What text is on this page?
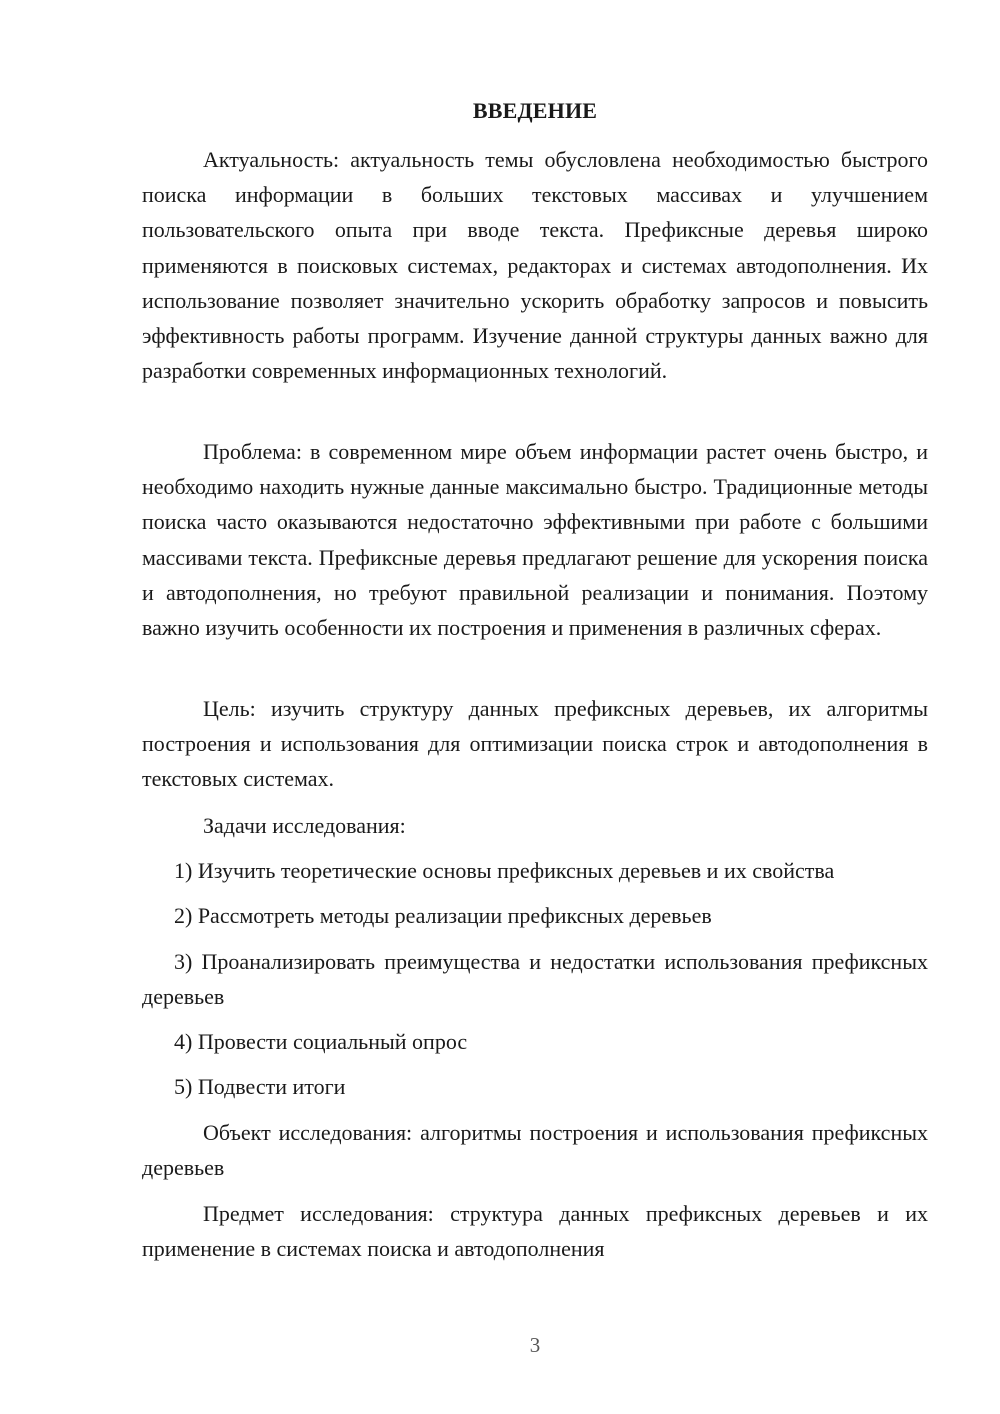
ВВЕДЕНИЕ

Актуальность: актуальность темы обусловлена необходимостью быстрого поиска информации в больших текстовых массивах и улучшением пользовательского опыта при вводе текста. Префиксные деревья широко применяются в поисковых системах, редакторах и системах автодополнения. Их использование позволяет значительно ускорить обработку запросов и повысить эффективность работы программ. Изучение данной структуры данных важно для разработки современных информационных технологий.

Проблема: в современном мире объем информации растет очень быстро, и необходимо находить нужные данные максимально быстро. Традиционные методы поиска часто оказываются недостаточно эффективными при работе с большими массивами текста. Префиксные деревья предлагают решение для ускорения поиска и автодополнения, но требуют правильной реализации и понимания. Поэтому важно изучить особенности их построения и применения в различных сферах.

Цель: изучить структуру данных префиксных деревьев, их алгоритмы построения и использования для оптимизации поиска строк и автодополнения в текстовых системах.

Задачи исследования:

1) Изучить теоретические основы префиксных деревьев и их свойства

2) Рассмотреть методы реализации префиксных деревьев

3) Проанализировать преимущества и недостатки использования префиксных деревьев

4) Провести социальный опрос

5) Подвести итоги

Объект исследования: алгоритмы построения и использования префиксных деревьев

Предмет исследования: структура данных префиксных деревьев и их применение в системах поиска и автодополнения

3
